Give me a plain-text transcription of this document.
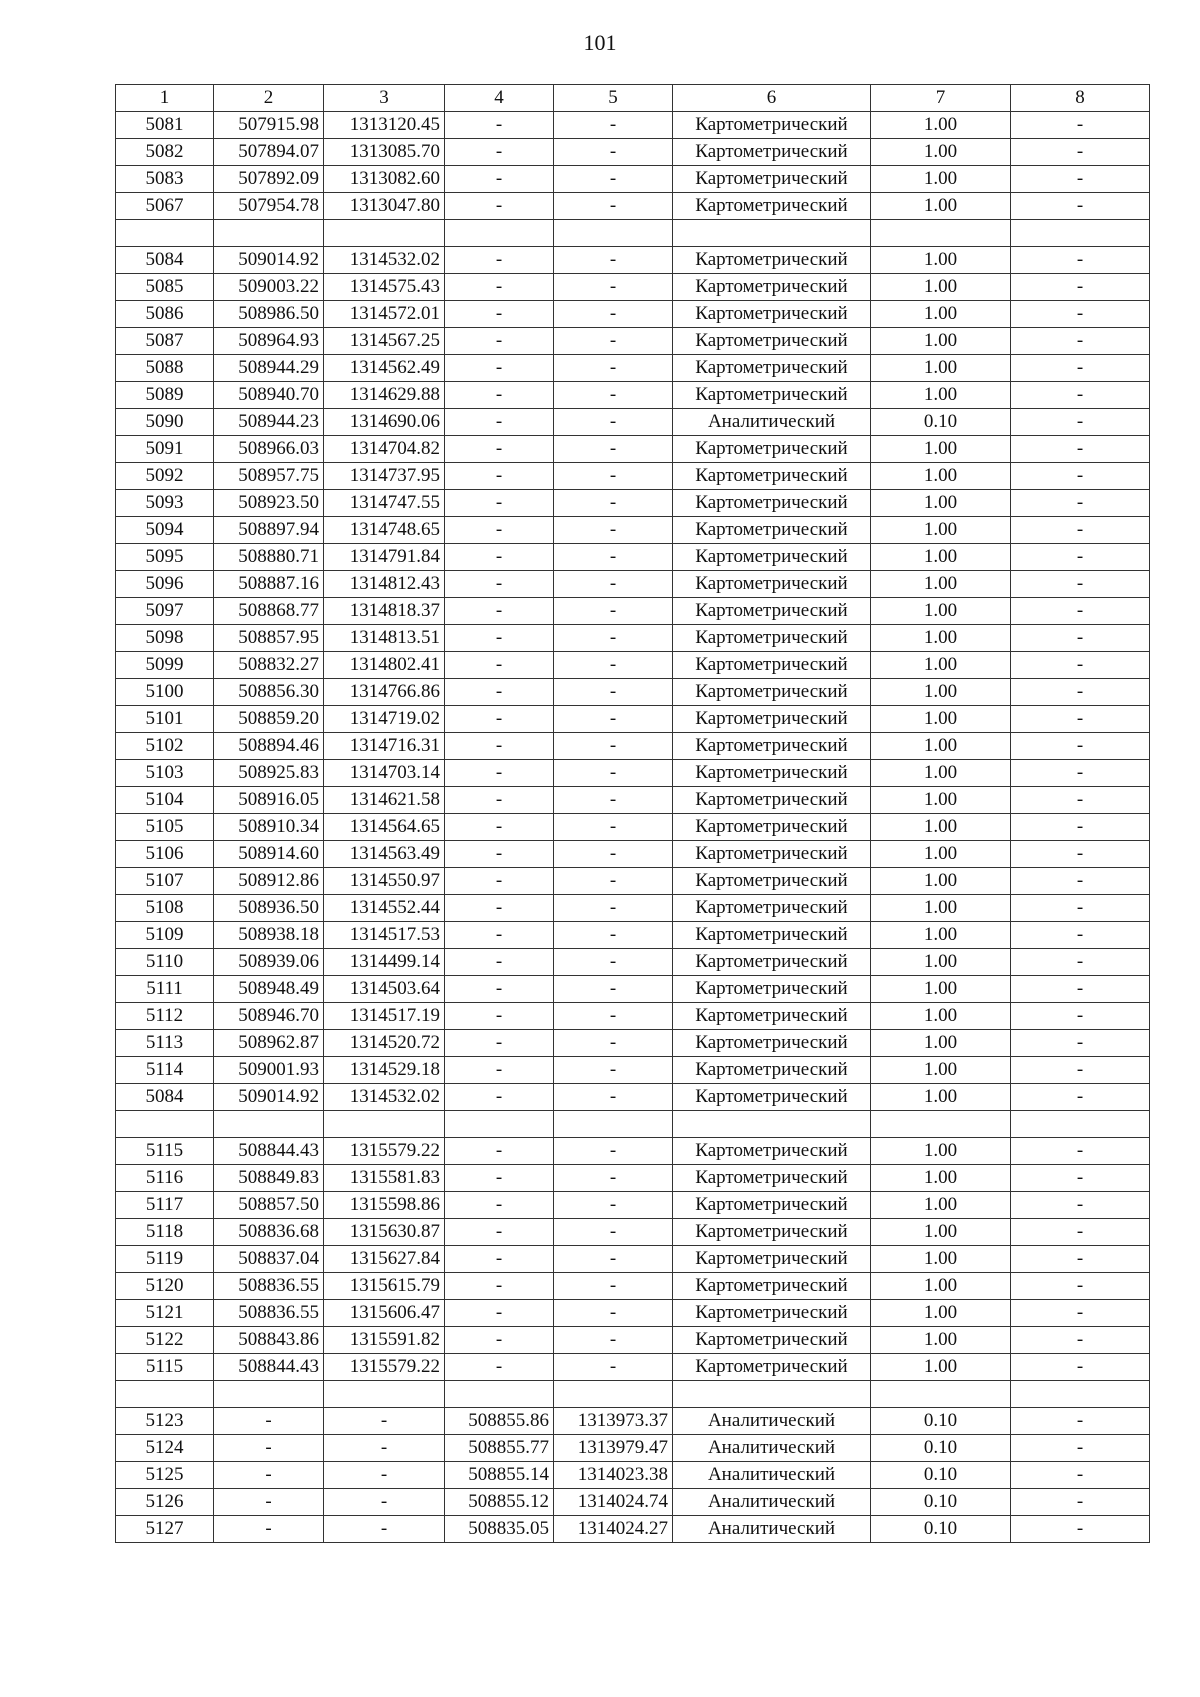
101
1	2	3	4	5	6	7	8
5081	507915.98	1313120.45	-	-	Картометрический	1.00	-
5082	507894.07	1313085.70	-	-	Картометрический	1.00	-
5083	507892.09	1313082.60	-	-	Картометрический	1.00	-
5067	507954.78	1313047.80	-	-	Картометрический	1.00	-

5084	509014.92	1314532.02	-	-	Картометрический	1.00	-
5085	509003.22	1314575.43	-	-	Картометрический	1.00	-
5086	508986.50	1314572.01	-	-	Картометрический	1.00	-
5087	508964.93	1314567.25	-	-	Картометрический	1.00	-
5088	508944.29	1314562.49	-	-	Картометрический	1.00	-
5089	508940.70	1314629.88	-	-	Картометрический	1.00	-
5090	508944.23	1314690.06	-	-	Аналитический	0.10	-
5091	508966.03	1314704.82	-	-	Картометрический	1.00	-
5092	508957.75	1314737.95	-	-	Картометрический	1.00	-
5093	508923.50	1314747.55	-	-	Картометрический	1.00	-
5094	508897.94	1314748.65	-	-	Картометрический	1.00	-
5095	508880.71	1314791.84	-	-	Картометрический	1.00	-
5096	508887.16	1314812.43	-	-	Картометрический	1.00	-
5097	508868.77	1314818.37	-	-	Картометрический	1.00	-
5098	508857.95	1314813.51	-	-	Картометрический	1.00	-
5099	508832.27	1314802.41	-	-	Картометрический	1.00	-
5100	508856.30	1314766.86	-	-	Картометрический	1.00	-
5101	508859.20	1314719.02	-	-	Картометрический	1.00	-
5102	508894.46	1314716.31	-	-	Картометрический	1.00	-
5103	508925.83	1314703.14	-	-	Картометрический	1.00	-
5104	508916.05	1314621.58	-	-	Картометрический	1.00	-
5105	508910.34	1314564.65	-	-	Картометрический	1.00	-
5106	508914.60	1314563.49	-	-	Картометрический	1.00	-
5107	508912.86	1314550.97	-	-	Картометрический	1.00	-
5108	508936.50	1314552.44	-	-	Картометрический	1.00	-
5109	508938.18	1314517.53	-	-	Картометрический	1.00	-
5110	508939.06	1314499.14	-	-	Картометрический	1.00	-
5111	508948.49	1314503.64	-	-	Картометрический	1.00	-
5112	508946.70	1314517.19	-	-	Картометрический	1.00	-
5113	508962.87	1314520.72	-	-	Картометрический	1.00	-
5114	509001.93	1314529.18	-	-	Картометрический	1.00	-
5084	509014.92	1314532.02	-	-	Картометрический	1.00	-

5115	508844.43	1315579.22	-	-	Картометрический	1.00	-
5116	508849.83	1315581.83	-	-	Картометрический	1.00	-
5117	508857.50	1315598.86	-	-	Картометрический	1.00	-
5118	508836.68	1315630.87	-	-	Картометрический	1.00	-
5119	508837.04	1315627.84	-	-	Картометрический	1.00	-
5120	508836.55	1315615.79	-	-	Картометрический	1.00	-
5121	508836.55	1315606.47	-	-	Картометрический	1.00	-
5122	508843.86	1315591.82	-	-	Картометрический	1.00	-
5115	508844.43	1315579.22	-	-	Картометрический	1.00	-

5123	-	-	508855.86	1313973.37	Аналитический	0.10	-
5124	-	-	508855.77	1313979.47	Аналитический	0.10	-
5125	-	-	508855.14	1314023.38	Аналитический	0.10	-
5126	-	-	508855.12	1314024.74	Аналитический	0.10	-
5127	-	-	508835.05	1314024.27	Аналитический	0.10	-
